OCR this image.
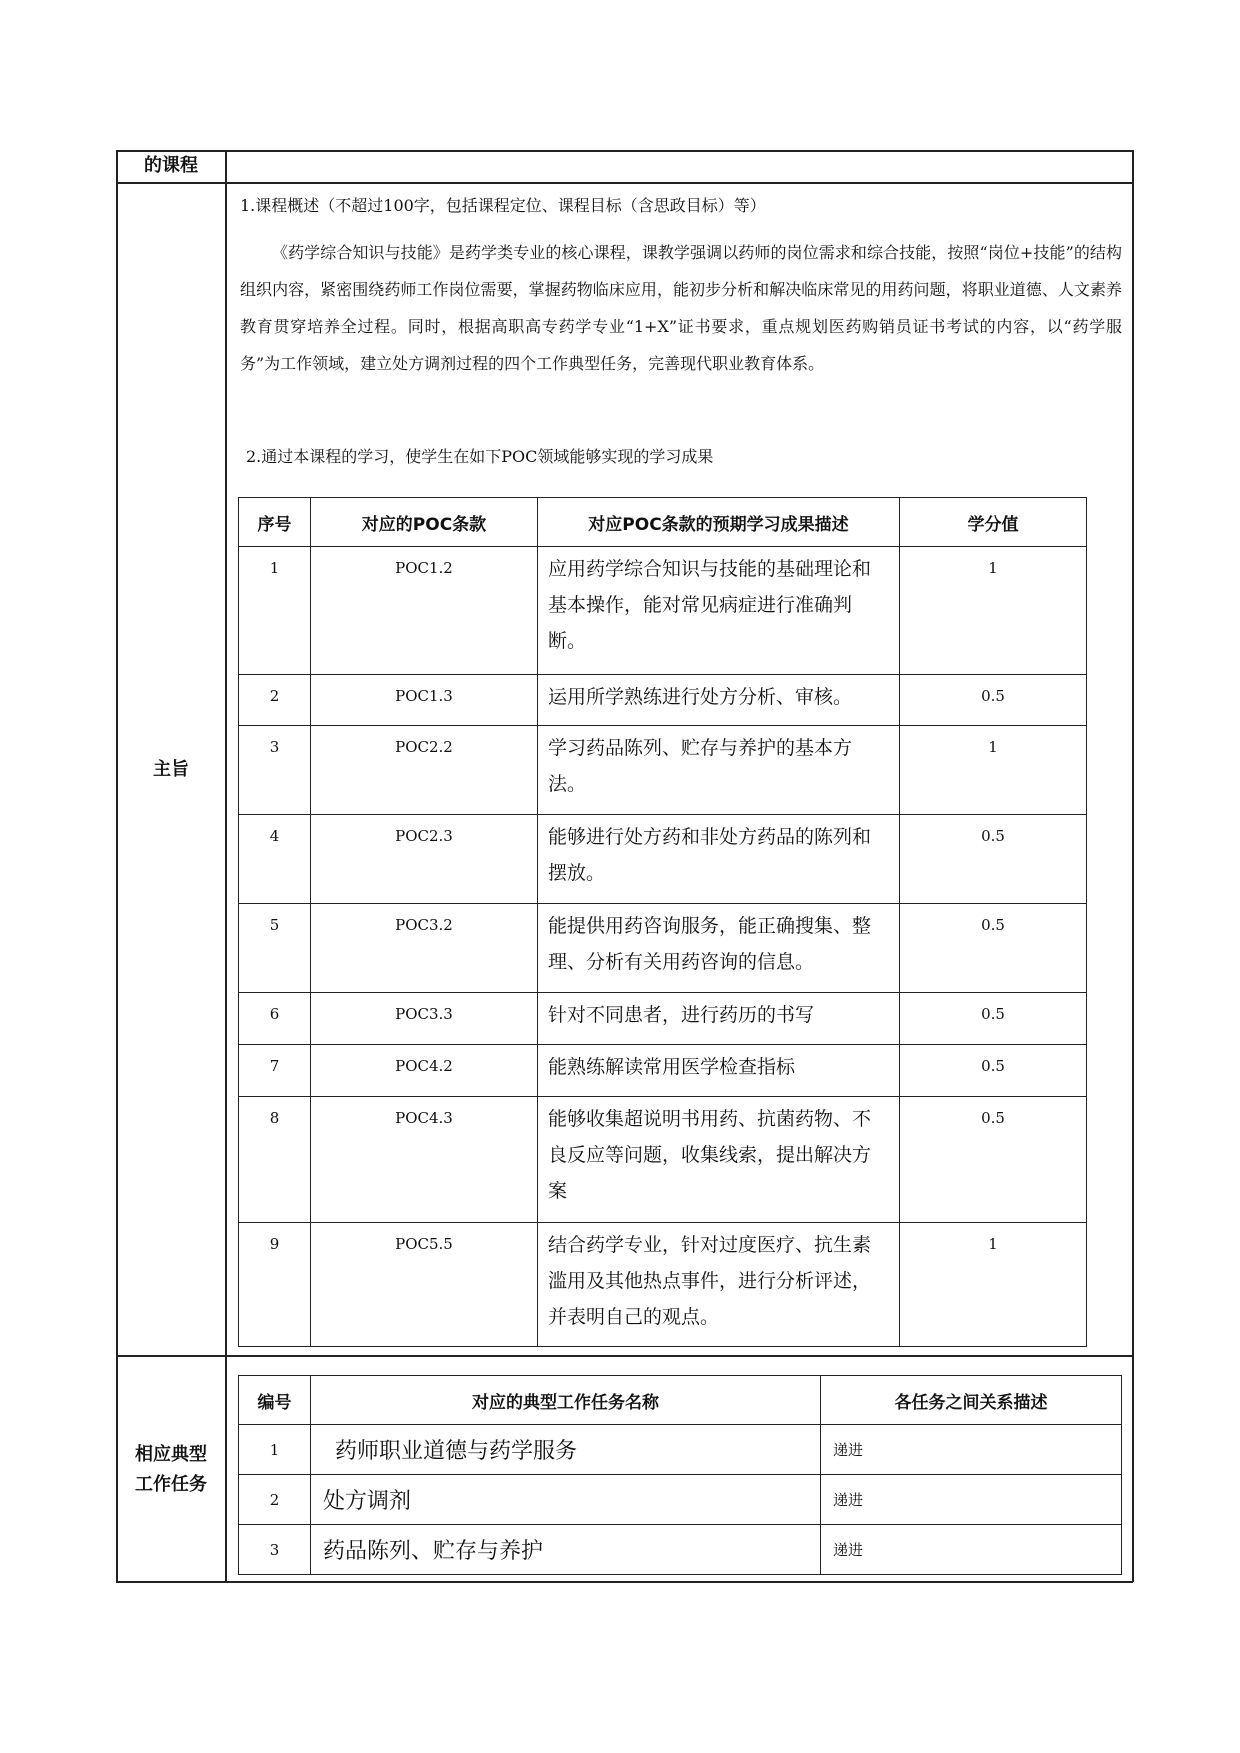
的课程
主旨
相应典型
工作任务
1.课程概述（不超过100字，包括课程定位、课程目标（含思政目标）等）
《药学综合知识与技能》是药学类专业的核心课程，课教学强调以药师的岗位需求和综合技能，按照“岗位+技能”的结构组织内容，紧密围绕药师工作岗位需要，掌握药物临床应用，能初步分析和解决临床常见的用药问题，将职业道德、人文素养教育贯穿培养全过程。同时，根据高职高专药学专业“1+X”证书要求，重点规划医药购销员证书考试的内容，以“药学服务”为工作领域，建立处方调剂过程的四个工作典型任务，完善现代职业教育体系。
2.通过本课程的学习，使学生在如下POC领域能够实现的学习成果
序号	对应的POC条款	对应POC条款的预期学习成果描述	学分值
1	POC1.2	应用药学综合知识与技能的基础理论和基本操作，能对常见病症进行准确判断。	1
2	POC1.3	运用所学熟练进行处方分析、审核。	0.5
3	POC2.2	学习药品陈列、贮存与养护的基本方法。	1
4	POC2.3	能够进行处方药和非处方药品的陈列和摆放。	0.5
5	POC3.2	能提供用药咨询服务，能正确搜集、整理、分析有关用药咨询的信息。	0.5
6	POC3.3	针对不同患者，进行药历的书写	0.5
7	POC4.2	能熟练解读常用医学检查指标	0.5
8	POC4.3	能够收集超说明书用药、抗菌药物、不良反应等问题，收集线索，提出解决方案	0.5
9	POC5.5	结合药学专业，针对过度医疗、抗生素滥用及其他热点事件，进行分析评述，并表明自己的观点。	1
编号	对应的典型工作任务名称	各任务之间关系描述
1	药师职业道德与药学服务	递进
2	处方调剂	递进
3	药品陈列、贮存与养护	递进
